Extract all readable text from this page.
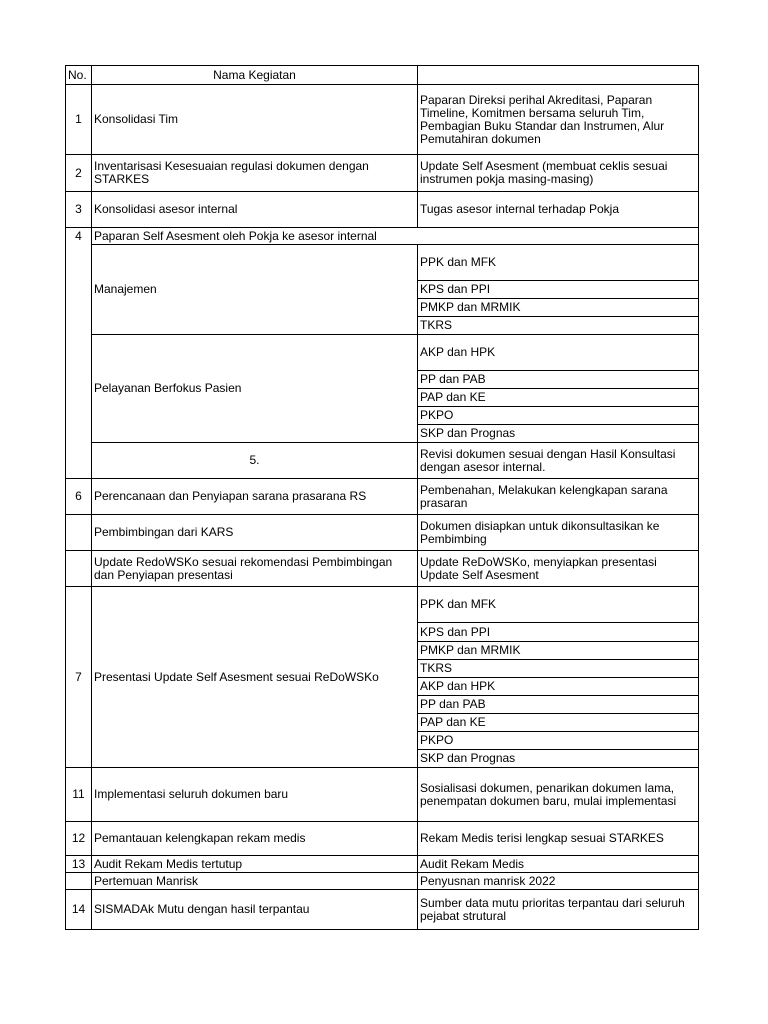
No.	Nama Kegiatan		
1	Konsolidasi Tim	Paparan Direksi perihal Akreditasi, Paparan Timeline, Komitmen bersama seluruh Tim, Pembagian Buku Standar dan Instrumen, Alur Pemutahiran dokumen	
2	Inventarisasi Kesesuaian regulasi dokumen dengan STARKES	Update Self Asesment (membuat ceklis sesuai instrumen pokja masing-masing)	
3	Konsolidasi asesor internal	Tugas asesor internal terhadap Pokja	
4	Paparan Self Asesment oleh Pokja ke asesor internal		
	Manajemen	PPK dan MFK	
		KPS dan PPI	
		PMKP dan MRMIK	
		TKRS	
	Pelayanan Berfokus Pasien	AKP dan HPK	
		PP dan PAB	
		PAP dan KE	
		PKPO	
		SKP dan Prognas	
	5.	Revisi dokumen sesuai dengan Hasil Konsultasi dengan asesor internal.	
6	Perencanaan dan Penyiapan sarana prasarana RS	Pembenahan, Melakukan kelengkapan sarana prasaran	
	Pembimbingan dari KARS	Dokumen disiapkan untuk dikonsultasikan ke Pembimbing	
	Update RedoWSKo sesuai rekomendasi Pembimbingan dan Penyiapan presentasi	Update ReDoWSKo, menyiapkan presentasi Update Self Asesment	
7	Presentasi Update Self Asesment sesuai ReDoWSKo	PPK dan MFK	
		KPS dan PPI	
		PMKP dan MRMIK	
		TKRS	
		AKP dan HPK	
		PP dan PAB	
		PAP dan KE	
		PKPO	
		SKP dan Prognas	
11	Implementasi seluruh dokumen baru	Sosialisasi dokumen, penarikan dokumen lama, penempatan dokumen baru, mulai implementasi	
12	Pemantauan kelengkapan rekam medis	Rekam Medis terisi lengkap sesuai STARKES	
13	Audit Rekam Medis tertutup	Audit Rekam Medis	
	Pertemuan Manrisk	Penyusnan manrisk 2022	
14	SISMADAk Mutu dengan hasil terpantau	Sumber data mutu prioritas terpantau dari seluruh pejabat strutural	
